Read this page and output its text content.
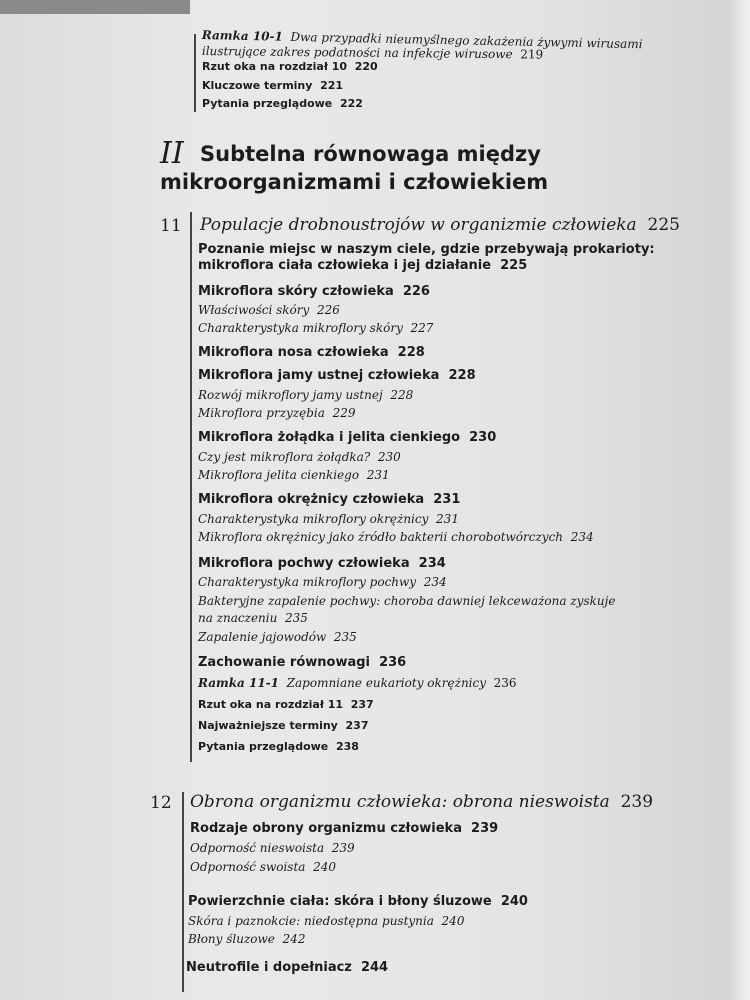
Ramka 10-1 Dwa przypadki nieumyślnego zakażenia żywymi wirusami
ilustrujące zakres podatności na infekcje wirusowe 219
Rzut oka na rozdział 10 220
Kluczowe terminy 221
Pytania przeglądowe 222
II Subtelna równowaga między
mikroorganizmami i człowiekiem
11 Populacje drobnoustrojów w organizmie człowieka 225
Poznanie miejsc w naszym ciele, gdzie przebywają prokarioty:
mikroflora ciała człowieka i jej działanie 225
Mikroflora skóry człowieka 226
Właściwości skóry 226
Charakterystyka mikroflory skóry 227
Mikroflora nosa człowieka 228
Mikroflora jamy ustnej człowieka 228
Rozwój mikroflory jamy ustnej 228
Mikroflora przyzębia 229
Mikroflora żołądka i jelita cienkiego 230
Czy jest mikroflora żołądka? 230
Mikroflora jelita cienkiego 231
Mikroflora okrężnicy człowieka 231
Charakterystyka mikroflory okrężnicy 231
Mikroflora okrężnicy jako źródło bakterii chorobotwórczych 234
Mikroflora pochwy człowieka 234
Charakterystyka mikroflory pochwy 234
Bakteryjne zapalenie pochwy: choroba dawniej lekceważona zyskuje
na znaczeniu 235
Zapalenie jajowodów 235
Zachowanie równowagi 236
Ramka 11-1 Zapomniane eukarioty okrężnicy 236
Rzut oka na rozdział 11 237
Najważniejsze terminy 237
Pytania przeglądowe 238
12 Obrona organizmu człowieka: obrona nieswoista 239
Rodzaje obrony organizmu człowieka 239
Odporność nieswoista 239
Odporność swoista 240
Powierzchnie ciała: skóra i błony śluzowe 240
Skóra i paznokcie: niedostępna pustynia 240
Błony śluzowe 242
Neutrofile i dopełniacz 244
